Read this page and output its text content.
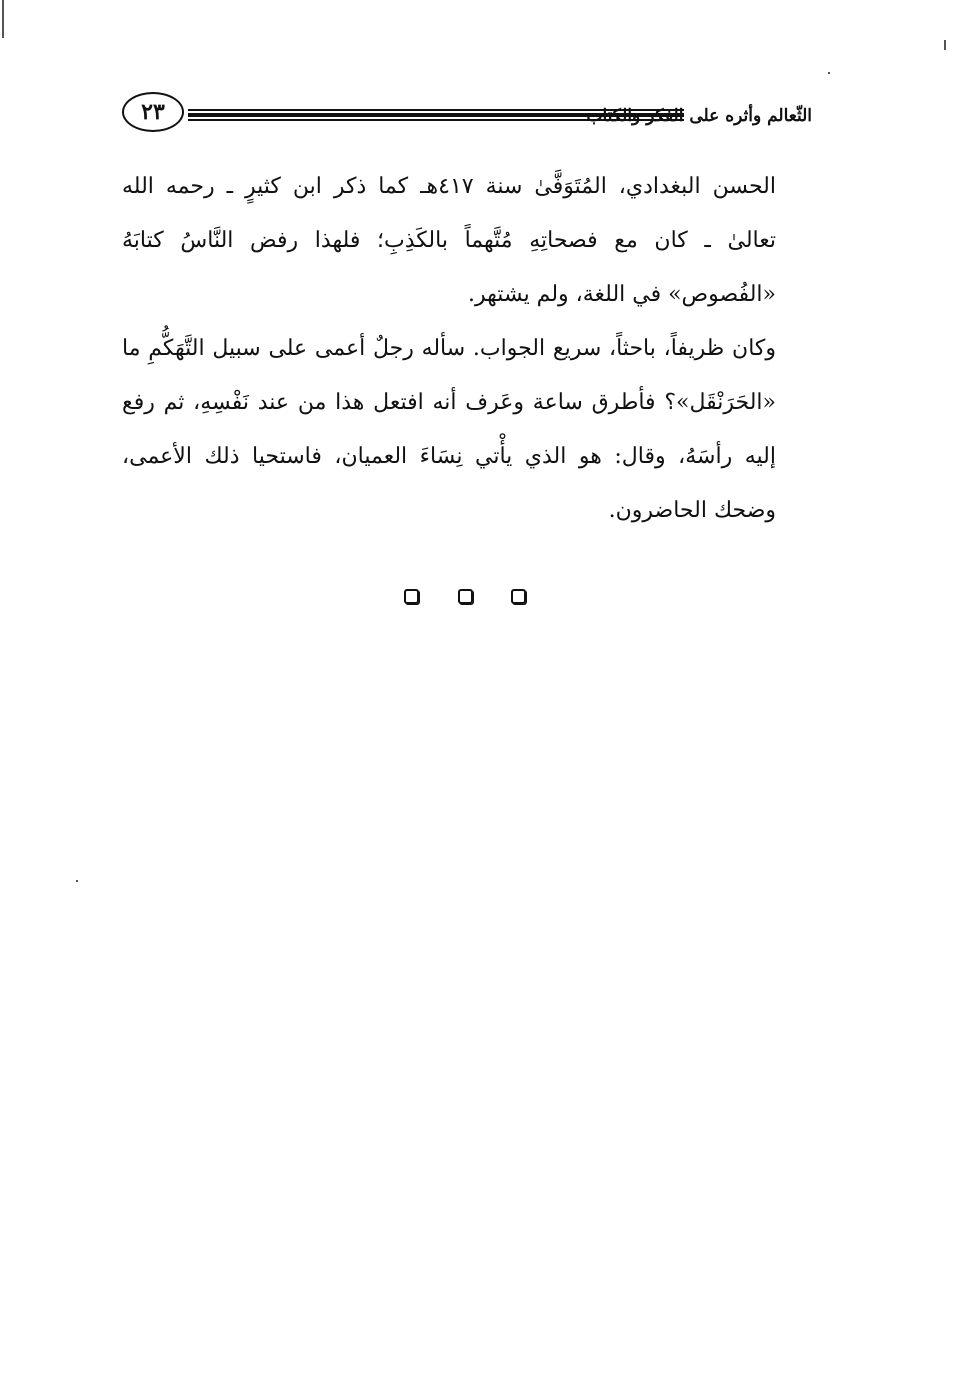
٢٣	الثّعالم وأثره على الفكر والكتاب

الحسن البغدادي، المُتَوَفَّىٰ سنة ٤١٧هـ كما ذكر ابن كثيرٍ ـ رحمه الله تعالىٰ ـ كان مع فصحاتِهِ مُتَّهماً بالكَذِبِ؛ فلهذا رفض النَّاسُ كتابَهُ «الفُصوص» في اللغة، ولم يشتهر.

وكان ظريفاً، باحثاً، سريع الجواب. سأله رجلٌ أعمى على سبيل التَّهَكُّمِ ما «الحَرَنْقَل»؟ فأطرق ساعة وعَرف أنه افتعل هذا من عند نَفْسِهِ، ثم رفع إليه رأسَهُ، وقال: هو الذي يأْتي نِسَاءَ العميان، فاستحيا ذلك الأعمى، وضحك الحاضرون.
